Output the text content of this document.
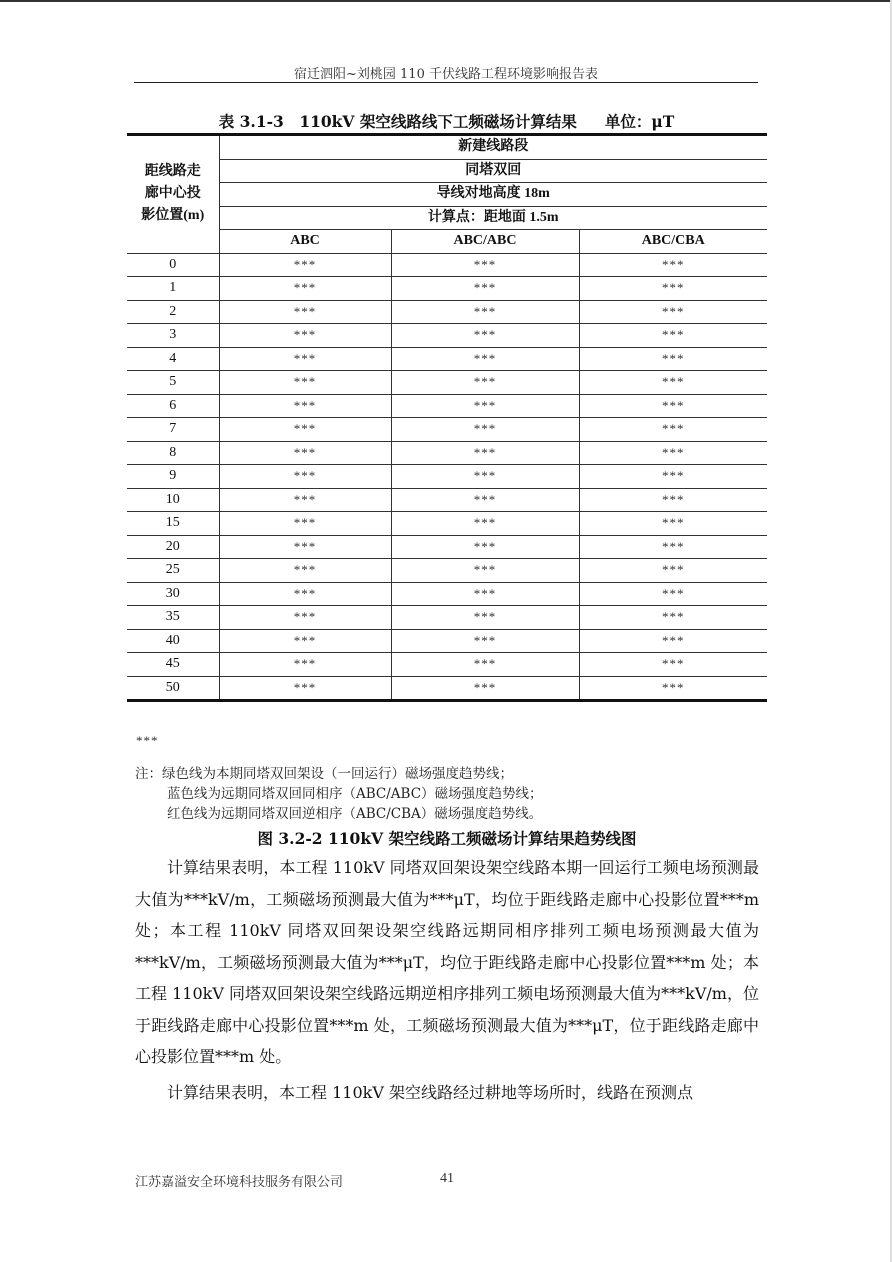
宿迁泗阳~刘桃园 110 千伏线路工程环境影响报告表
表 3.1-3　110kV 架空线路线下工频磁场计算结果 单位：μT
距线路走
廊中心投
影位置(m)	新建线路段		
	同塔双回		
	导线对地高度 18m		
	计算点：距地面 1.5m		
	ABC	ABC/ABC	ABC/CBA
0	***	***	***
1	***	***	***
2	***	***	***
3	***	***	***
4	***	***	***
5	***	***	***
6	***	***	***
7	***	***	***
8	***	***	***
9	***	***	***
10	***	***	***
15	***	***	***
20	***	***	***
25	***	***	***
30	***	***	***
35	***	***	***
40	***	***	***
45	***	***	***
50	***	***	***
***
注：绿色线为本期同塔双回架设（一回运行）磁场强度趋势线；
蓝色线为远期同塔双回同相序（ABC/ABC）磁场强度趋势线；
红色线为远期同塔双回逆相序（ABC/CBA）磁场强度趋势线。
图 3.2-2 110kV 架空线路工频磁场计算结果趋势线图

计算结果表明，本工程 110kV 同塔双回架设架空线路本期一回运行工频电场预测最大值为***kV/m，工频磁场预测最大值为***μT，均位于距线路走廊中心投影位置***m 处；本工程 110kV 同塔双回架设架空线路远期同相序排列工频电场预测最大值为***kV/m，工频磁场预测最大值为***μT，均位于距线路走廊中心投影位置***m 处；本工程 110kV 同塔双回架设架空线路远期逆相序排列工频电场预测最大值为***kV/m，位于距线路走廊中心投影位置***m 处，工频磁场预测最大值为***μT，位于距线路走廊中心投影位置***m 处。

计算结果表明，本工程 110kV 架空线路经过耕地等场所时，线路在预测点

江苏嘉溢安全环境科技服务有限公司	41
